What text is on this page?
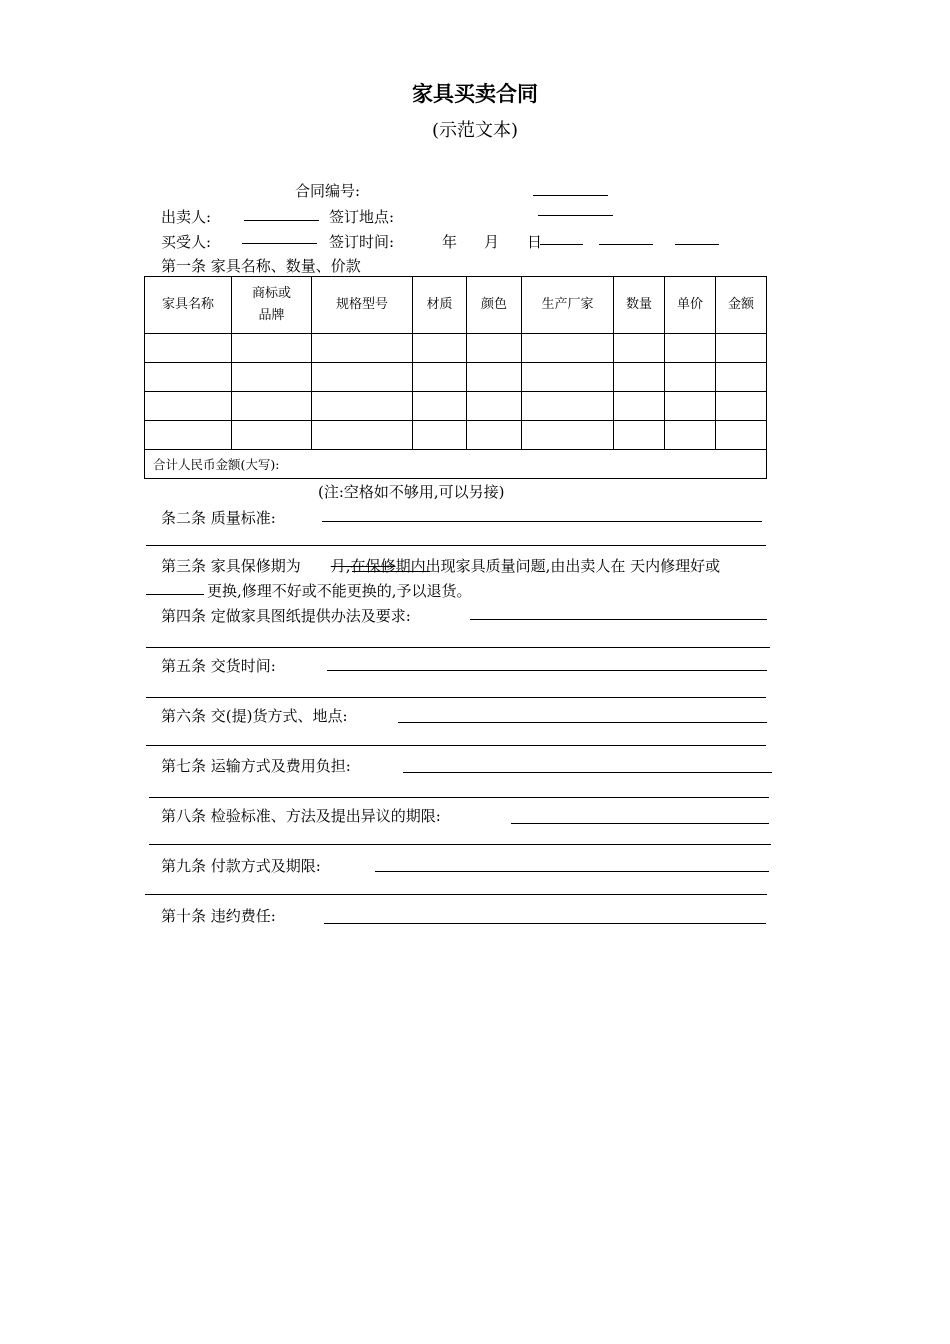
家具买卖合同
(示范文本)
合同编号:
出卖人:	签订地点:
买受人:	签订时间:	年 月 日
第一条 家具名称、数量、价款
家具名称	商标或
品牌	规格型号	材质	颜色	生产厂家	数量	单价	金额

合计人民币金额(大写):								
(注:空格如不够用,可以另接)
条二条 质量标准:
第三条 家具保修期为 月,在保修期内出现家具质量问题,由出卖人在 天内修理好或
更换,修理不好或不能更换的,予以退货。
第四条 定做家具图纸提供办法及要求:
第五条 交货时间:
第六条 交(提)货方式、地点:
第七条 运输方式及费用负担:
第八条 检验标准、方法及提出异议的期限:
第九条 付款方式及期限:
第十条 违约费任:
